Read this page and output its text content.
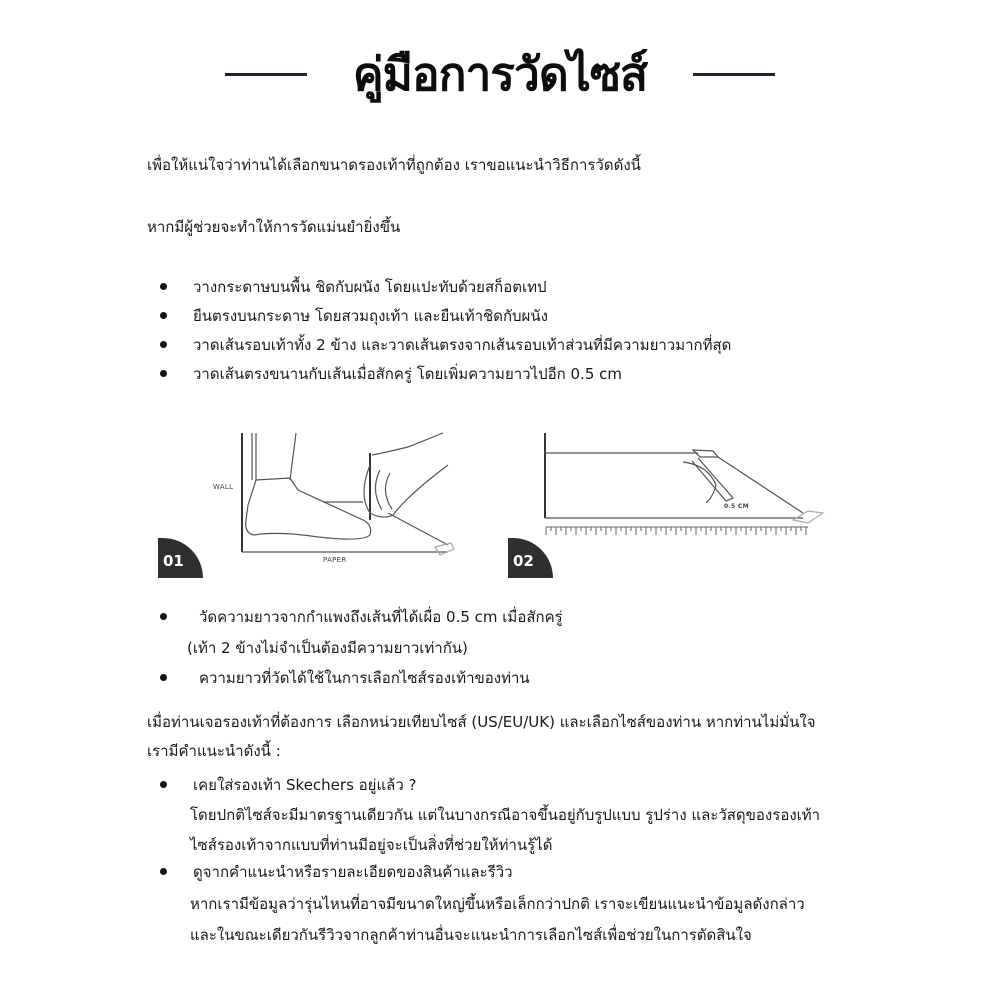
คู่มือการวัดไซส์

เพื่อให้แน่ใจว่าท่านได้เลือกขนาดรองเท้าที่ถูกต้อง เราขอแนะนำวิธีการวัดดังนี้

หากมีผู้ช่วยจะทำให้การวัดแม่นยำยิ่งขึ้น

วางกระดาษบนพื้น ชิดกับผนัง โดยแปะทับด้วยสก็อตเทป
ยืนตรงบนกระดาษ โดยสวมถุงเท้า และยืนเท้าชิดกับผนัง
วาดเส้นรอบเท้าทั้ง 2 ข้าง และวาดเส้นตรงจากเส้นรอบเท้าส่วนที่มีความยาวมากที่สุด
วาดเส้นตรงขนานกับเส้นเมื่อสักครู่ โดยเพิ่มความยาวไปอีก 0.5 cm
WALL
PAPER
01
0.5 CM
02
วัดความยาวจากกำแพงถึงเส้นที่ได้เผื่อ 0.5 cm เมื่อสักครู่

(เท้า 2 ข้างไม่จำเป็นต้องมีความยาวเท่ากัน)

ความยาวที่วัดได้ใช้ในการเลือกไซส์รองเท้าของท่าน

เมื่อท่านเจอรองเท้าที่ต้องการ เลือกหน่วยเทียบไซส์ (US/EU/UK) และเลือกไซส์ของท่าน หากท่านไม่มั่นใจ

เรามีคำแนะนำดังนี้ :

เคยใส่รองเท้า Skechers อยู่แล้ว ?

โดยปกติไซส์จะมีมาตรฐานเดียวกัน แต่ในบางกรณีอาจขึ้นอยู่กับรูปแบบ รูปร่าง และวัสดุของรองเท้า

ไซส์รองเท้าจากแบบที่ท่านมีอยู่จะเป็นสิ่งที่ช่วยให้ท่านรู้ได้

ดูจากคำแนะนำหรือรายละเอียดของสินค้าและรีวิว

หากเรามีข้อมูลว่ารุ่นไหนที่อาจมีขนาดใหญ่ขึ้นหรือเล็กกว่าปกติ เราจะเขียนแนะนำข้อมูลดังกล่าว

และในขณะเดียวกันรีวิวจากลูกค้าท่านอื่นจะแนะนำการเลือกไซส์เพื่อช่วยในการตัดสินใจ
